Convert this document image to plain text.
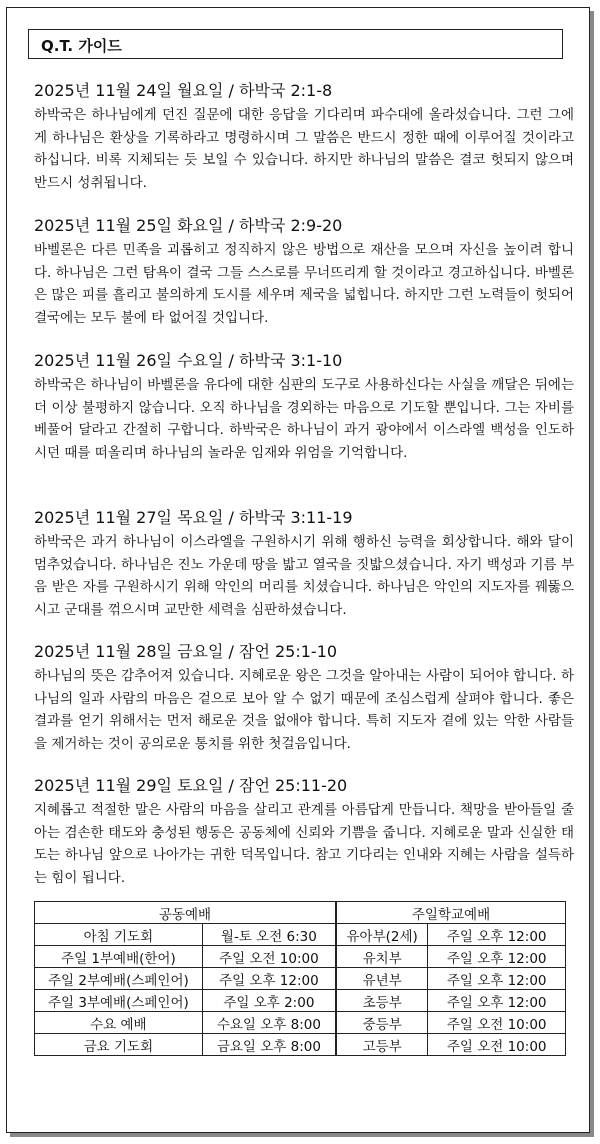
Q.T. 가이드
2025년 11월 24일 월요일 / 하박국 2:1-8

하박국은 하나님에게 던진 질문에 대한 응답을 기다리며 파수대에 올라섰습니다. 그런 그에게 하나님은 환상을 기록하라고 명령하시며 그 말씀은 반드시 정한 때에 이루어질 것이라고 하십니다. 비록 지체되는 듯 보일 수 있습니다. 하지만 하나님의 말씀은 결코 헛되지 않으며 반드시 성취됩니다.

2025년 11월 25일 화요일 / 하박국 2:9-20

바벨론은 다른 민족을 괴롭히고 정직하지 않은 방법으로 재산을 모으며 자신을 높이려 합니다. 하나님은 그런 탐욕이 결국 그들 스스로를 무너뜨리게 할 것이라고 경고하십니다. 바벨론은 많은 피를 흘리고 불의하게 도시를 세우며 제국을 넓힙니다. 하지만 그런 노력들이 헛되어 결국에는 모두 불에 타 없어질 것입니다.

2025년 11월 26일 수요일 / 하박국 3:1-10

하박국은 하나님이 바벨론을 유다에 대한 심판의 도구로 사용하신다는 사실을 깨달은 뒤에는 더 이상 불평하지 않습니다. 오직 하나님을 경외하는 마음으로 기도할 뿐입니다. 그는 자비를 베풀어 달라고 간절히 구합니다. 하박국은 하나님이 과거 광야에서 이스라엘 백성을 인도하시던 때를 떠올리며 하나님의 놀라운 임재와 위엄을 기억합니다.

2025년 11월 27일 목요일 / 하박국 3:11-19

하박국은 과거 하나님이 이스라엘을 구원하시기 위해 행하신 능력을 회상합니다. 해와 달이 멈추었습니다. 하나님은 진노 가운데 땅을 밟고 열국을 짓밟으셨습니다. 자기 백성과 기름 부음 받은 자를 구원하시기 위해 악인의 머리를 치셨습니다. 하나님은 악인의 지도자를 꿰뚫으시고 군대를 꺾으시며 교만한 세력을 심판하셨습니다.

2025년 11월 28일 금요일 / 잠언 25:1-10

하나님의 뜻은 감추어져 있습니다. 지혜로운 왕은 그것을 알아내는 사람이 되어야 합니다. 하나님의 일과 사람의 마음은 겉으로 보아 알 수 없기 때문에 조심스럽게 살펴야 합니다. 좋은 결과를 얻기 위해서는 먼저 해로운 것을 없애야 합니다. 특히 지도자 곁에 있는 악한 사람들을 제거하는 것이 공의로운 통치를 위한 첫걸음입니다.

2025년 11월 29일 토요일 / 잠언 25:11-20

지혜롭고 적절한 말은 사람의 마음을 살리고 관계를 아름답게 만듭니다. 책망을 받아들일 줄 아는 겸손한 태도와 충성된 행동은 공동체에 신뢰와 기쁨을 줍니다. 지혜로운 말과 신실한 태도는 하나님 앞으로 나아가는 귀한 덕목입니다. 참고 기다리는 인내와 지혜는 사람을 설득하는 힘이 됩니다.

공동예배		주일학교예배	
아침 기도회	월-토 오전 6:30	유아부(2세)	주일 오후 12:00
주일 1부예배(한어)	주일 오전 10:00	유치부	주일 오후 12:00
주일 2부예배(스페인어)	주일 오후 12:00	유년부	주일 오후 12:00
주일 3부예배(스페인어)	주일 오후 2:00	초등부	주일 오후 12:00
수요 예배	수요일 오후 8:00	중등부	주일 오전 10:00
금요 기도회	금요일 오후 8:00	고등부	주일 오전 10:00
